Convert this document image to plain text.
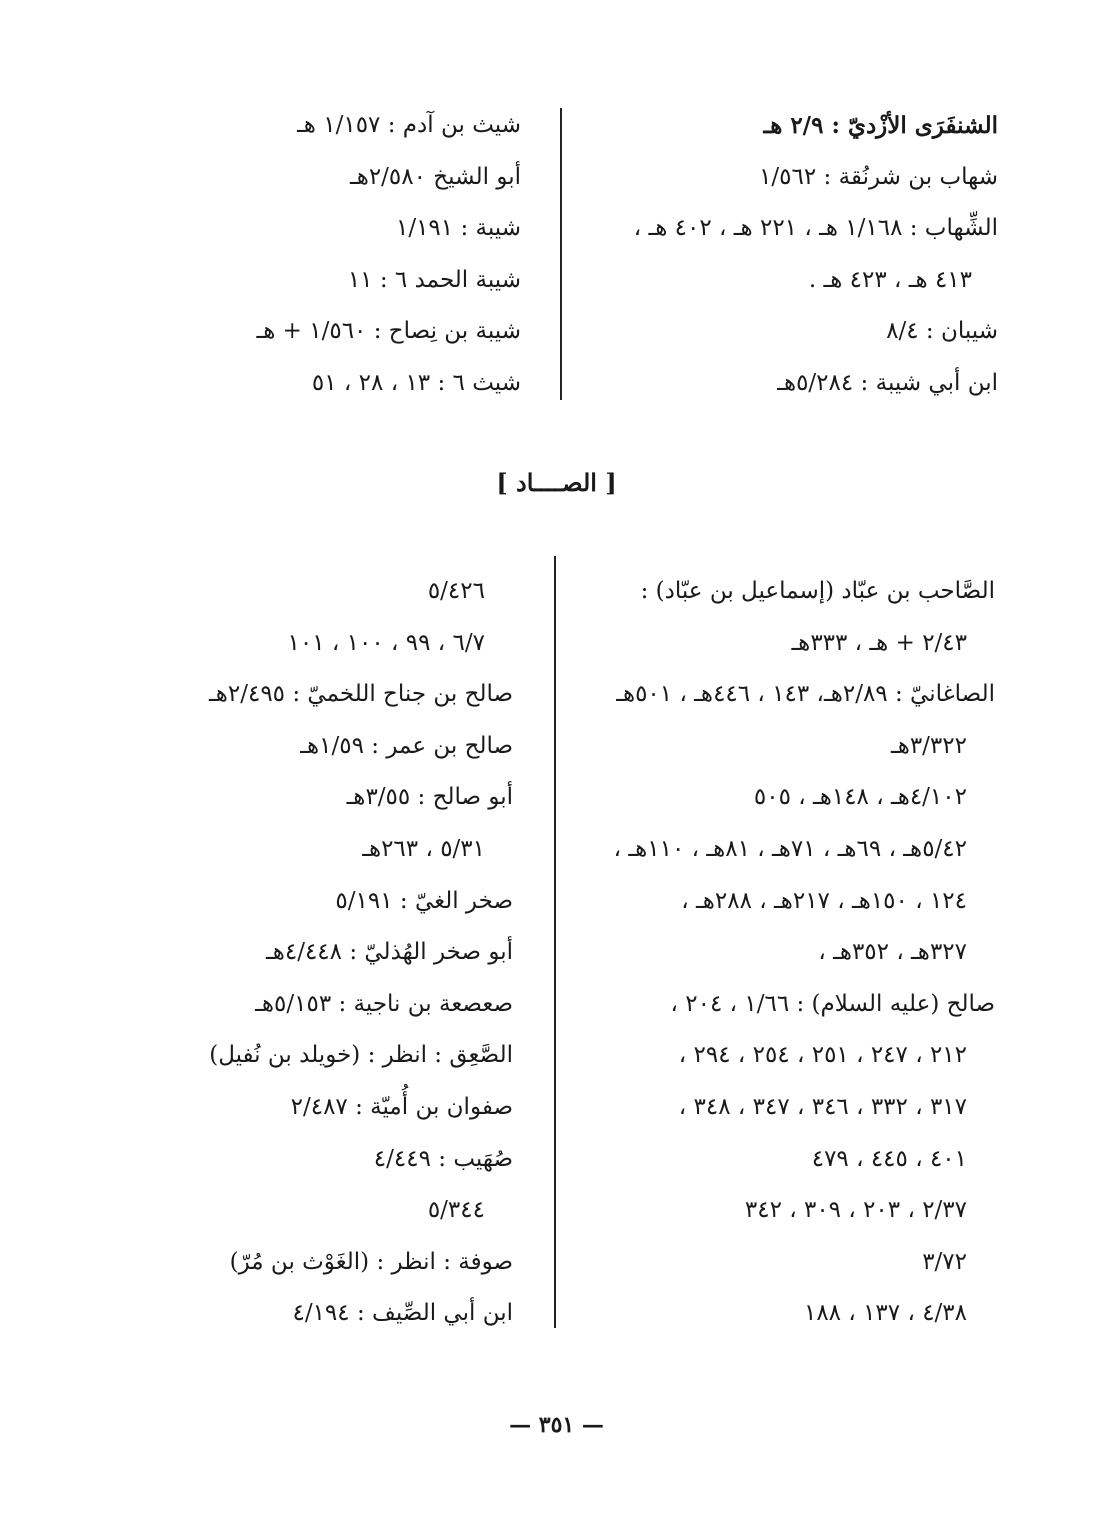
الشنفَرَى الأزْديّ : ٢/٩ هـ
شهاب بن شرنُقة : ١/٥٦٢
الشِّهاب : ١/١٦٨ هـ ، ٢٢١ هـ ، ٤٠٢ هـ ،
٤١٣ هـ ، ٤٢٣ هـ .
شيبان : ٨/٤
ابن أبي شيبة : ٥/٢٨٤هـ
شيث بن آدم : ١/١٥٧ هـ
أبو الشيخ ٢/٥٨٠هـ
شيبة : ١/١٩١
شيبة الحمد ٦ : ١١
شيبة بن نِصاح : ١/٥٦٠ + هـ
شيث ٦ : ١٣ ، ٢٨ ، ٥١
[ الصــــاد ]
الصَّاحب بن عبّاد (إسماعيل بن عبّاد) :
٢/٤٣ + هـ ، ٣٣٣هـ
الصاغانيّ : ٢/٨٩هـ، ١٤٣ ، ٤٤٦هـ ، ٥٠١هـ
٣/٣٢٢هـ
٤/١٠٢هـ ، ١٤٨هـ ، ٥٠٥
٥/٤٢هـ ، ٦٩هـ ، ٧١هـ ، ٨١هـ ، ١١٠هـ ،
١٢٤ ، ١٥٠هـ ، ٢١٧هـ ، ٢٨٨هـ ،
٣٢٧هـ ، ٣٥٢هـ ،
صالح (عليه السلام) : ١/٦٦ ، ٢٠٤ ،
٢١٢ ، ٢٤٧ ، ٢٥١ ، ٢٥٤ ، ٢٩٤ ،
٣١٧ ، ٣٣٢ ، ٣٤٦ ، ٣٤٧ ، ٣٤٨ ،
٤٠١ ، ٤٤٥ ، ٤٧٩
٢/٣٧ ، ٢٠٣ ، ٣٠٩ ، ٣٤٢
٣/٧٢
٤/٣٨ ، ١٣٧ ، ١٨٨
٥/٤٢٦
٦/٧ ، ٩٩ ، ١٠٠ ، ١٠١
صالح بن جناح اللخميّ : ٢/٤٩٥هـ
صالح بن عمر : ١/٥٩هـ
أبو صالح : ٣/٥٥هـ
٥/٣١ ، ٢٦٣هـ
صخر الغيّ : ٥/١٩١
أبو صخر الهُذليّ : ٤/٤٤٨هـ
صعصعة بن ناجية : ٥/١٥٣هـ
الصَّعِق : انظر : (خويلد بن نُفيل)
صفوان بن أُميّة : ٢/٤٨٧
صُهَيب : ٤/٤٤٩
٥/٣٤٤
صوفة : انظر : (الغَوْث بن مُرّ)
ابن أبي الصِّيف : ٤/١٩٤
— ٣٥١ —
